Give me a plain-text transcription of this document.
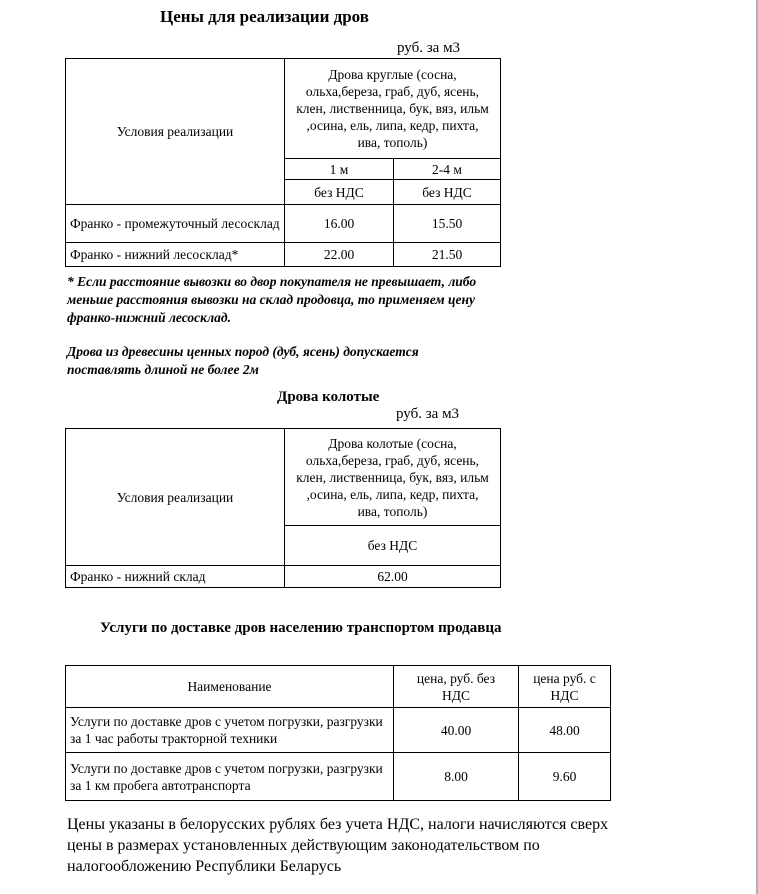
Цены для реализации дров
руб. за м3
Условия реализации	Дрова круглые (сосна, ольха,береза, граб, дуб, ясень, клен, лиственница, бук, вяз, ильм ,осина, ель, липа, кедр, пихта, ива, тополь)	
	1 м	2-4 м
	без НДС	без НДС
Франко - промежуточный лесосклад	16.00	15.50
Франко - нижний лесосклад*	22.00	21.50
* Если расстояние вывозки во двор покупателя не превышает, либо меньше расстояния вывозки на склад продовца, то применяем цену франко-нижний лесосклад.
Дрова из древесины ценных пород (дуб, ясень) допускается поставлять длиной не более 2м
Дрова колотые
руб. за м3
Условия реализации	Дрова колотые (сосна, ольха,береза, граб, дуб, ясень, клен, лиственница, бук, вяз, ильм ,осина, ель, липа, кедр, пихта, ива, тополь)
	без НДС
Франко - нижний склад	62.00
Услуги по доставке дров населению транспортом продавца
Наименование	цена, руб. без НДС	цена руб. с НДС
Услуги по доставке дров с учетом погрузки, разгрузки за 1 час работы тракторной техники	40.00	48.00
Услуги по доставке дров с учетом погрузки, разгрузки за 1 км пробега автотранспорта	8.00	9.60
Цены указаны в белорусских рублях без учета НДС, налоги начисляются сверх цены в размерах установленных действующим законодательством по налогообложению Республики Беларусь
